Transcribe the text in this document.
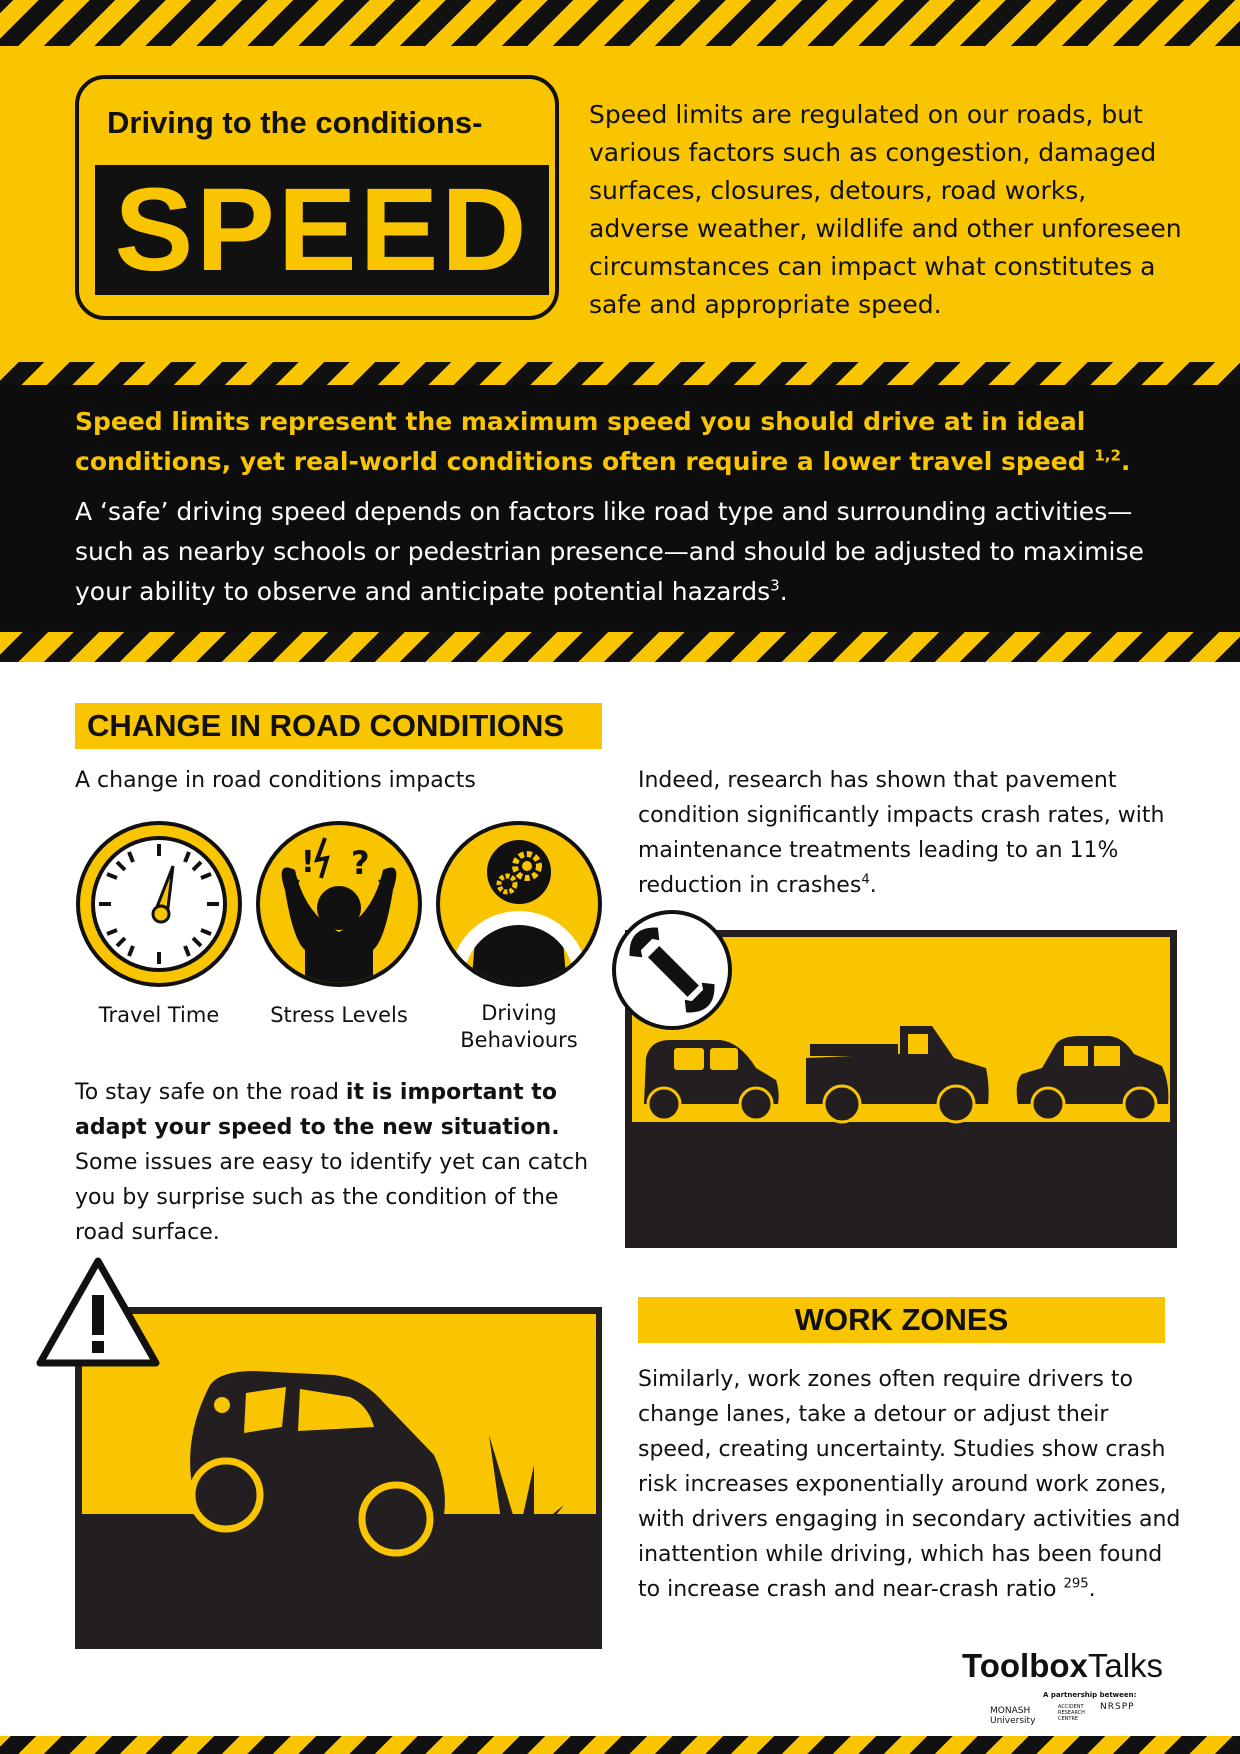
Driving to the conditions-
SPEED
Speed limits are regulated on our roads, but various factors such as congestion, damaged surfaces, closures, detours, road works, adverse weather, wildlife and other unforeseen circumstances can impact what constitutes a safe and appropriate speed.
Speed limits represent the maximum speed you should drive at in ideal conditions, yet real-world conditions often require a lower travel speed $^{1,2}$.
A ‘safe’ driving speed depends on factors like road type and surrounding activities—such as nearby schools or pedestrian presence—and should be adjusted to maximise your ability to observe and anticipate potential hazards$^3$.
CHANGE IN ROAD CONDITIONS
A change in road conditions impacts
! ?
Travel Time	Stress Levels	Driving
Behaviours
To stay safe on the road it is important to adapt your speed to the new situation. Some issues are easy to identify yet can catch you by surprise such as the condition of the road surface.
Indeed, research has shown that pavement condition significantly impacts crash rates, with maintenance treatments leading to an 11% reduction in crashes$^4$.
WORK ZONES
Similarly, work zones often require drivers to change lanes, take a detour or adjust their speed, creating uncertainty. Studies show crash risk increases exponentially around work zones, with drivers engaging in secondary activities and inattention while driving, which has been found to increase crash and near-crash ratio $^{295}$.
ToolboxTalks
A partnership between:
MONASH University
ACCIDENT RESEARCH CENTRE
NRSPP
